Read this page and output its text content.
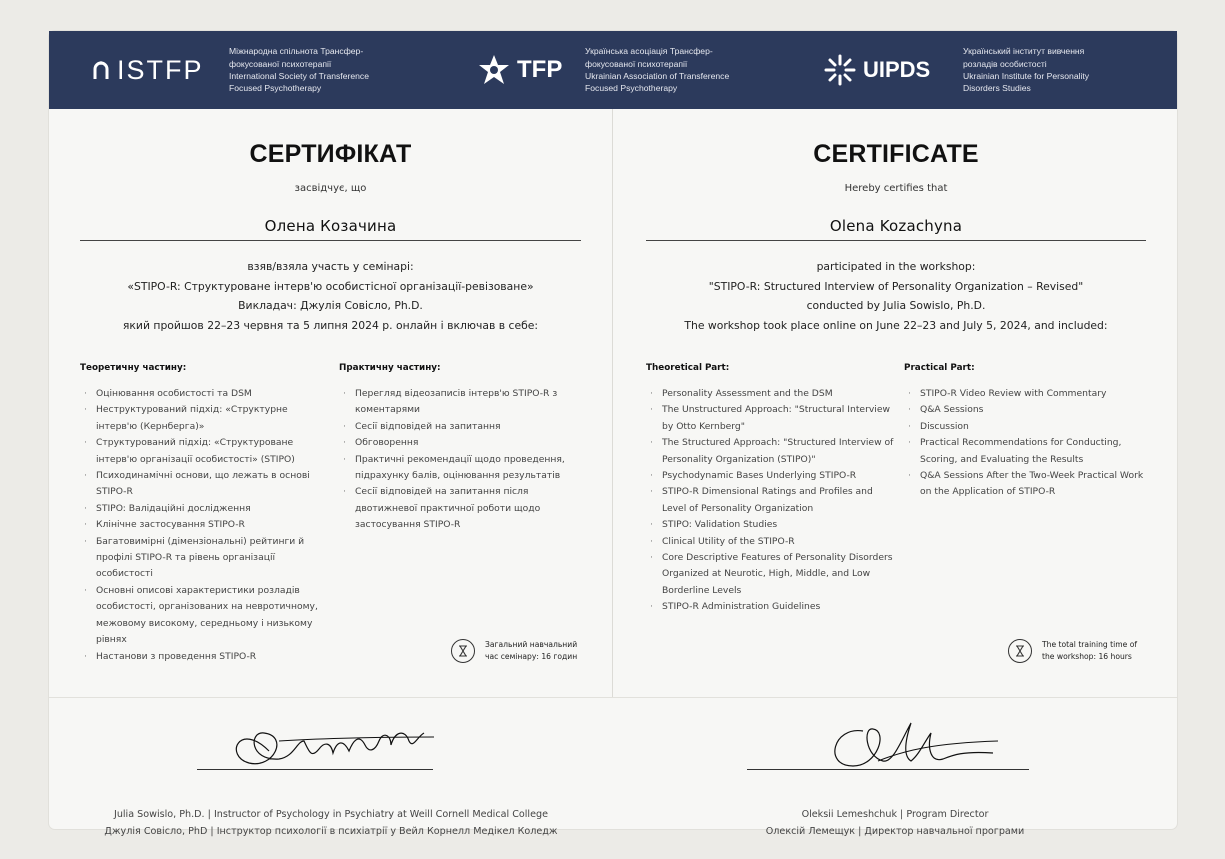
ISTFP
Міжнародна спільнота Трансфер-
фокусованої психотерапії
International Society of Transference
Focused Psychotherapy
TFP
Українська асоціація Трансфер-
фокусованої психотерапії
Ukrainian Association of Transference
Focused Psychotherapy
UIPDS
Український інститут вивчення
розладів особистості
Ukrainian Institute for Personality
Disorders Studies
СЕРТИФІКАТ
засвідчує, що
Олена Козачина
взяв/взяла участь у семінарі:
«STIPO-R: Структуроване інтерв'ю особистісної організації-ревізоване»
Викладач: Джулія Совісло, Ph.D.
який пройшов 22–23 червня та 5 липня 2024 р. онлайн і включав в себе:
Теоретичну частину:
· Оцінювання особистості та DSM
· Неструктурований підхід: «Структурне інтерв'ю (Кернберга)»
· Структурований підхід: «Структуроване інтерв'ю організації особистості» (STIPO)
· Психодинамічні основи, що лежать в основі STIPO-R
· STIPO: Валідаційні дослідження
· Клінічне застосування STIPO-R
· Багатовимірні (дімензіональні) рейтинги й профілі STIPO-R та рівень організації особистості
· Основні описові характеристики розладів особистості, організованих на невротичному, межовому високому, середньому і низькому рівнях
· Настанови з проведення STIPO-R
Практичну частину:
· Перегляд відеозаписів інтерв'ю STIPO-R з коментарями
· Сесії відповідей на запитання
· Обговорення
· Практичні рекомендації щодо проведення, підрахунку балів, оцінювання результатів
· Сесії відповідей на запитання після двотижневої практичної роботи щодо застосування STIPO-R
Загальний навчальний
час семінару: 16 годин
CERTIFICATE
Hereby certifies that
Olena Kozachyna
participated in the workshop:
"STIPO-R: Structured Interview of Personality Organization – Revised"
conducted by Julia Sowislo, Ph.D.
The workshop took place online on June 22–23 and July 5, 2024, and included:
Theoretical Part:
· Personality Assessment and the DSM
· The Unstructured Approach: "Structural Interview by Otto Kernberg"
· The Structured Approach: "Structured Interview of Personality Organization (STIPO)"
· Psychodynamic Bases Underlying STIPO-R
· STIPO-R Dimensional Ratings and Profiles and Level of Personality Organization
· STIPO: Validation Studies
· Clinical Utility of the STIPO-R
· Core Descriptive Features of Personality Disorders Organized at Neurotic, High, Middle, and Low Borderline Levels
· STIPO-R Administration Guidelines
Practical Part:
· STIPO-R Video Review with Commentary
· Q&A Sessions
· Discussion
· Practical Recommendations for Conducting, Scoring, and Evaluating the Results
· Q&A Sessions After the Two-Week Practical Work on the Application of STIPO-R
The total training time of
the workshop: 16 hours
Julia Sowislo, Ph.D. | Instructor of Psychology in Psychiatry at Weill Cornell Medical College
Джулія Совісло, PhD | Інструктор психології в психіатрії у Вейл Корнелл Медікел Коледж
Oleksii Lemeshchuk | Program Director
Олексій Лемещук | Директор навчальної програми
